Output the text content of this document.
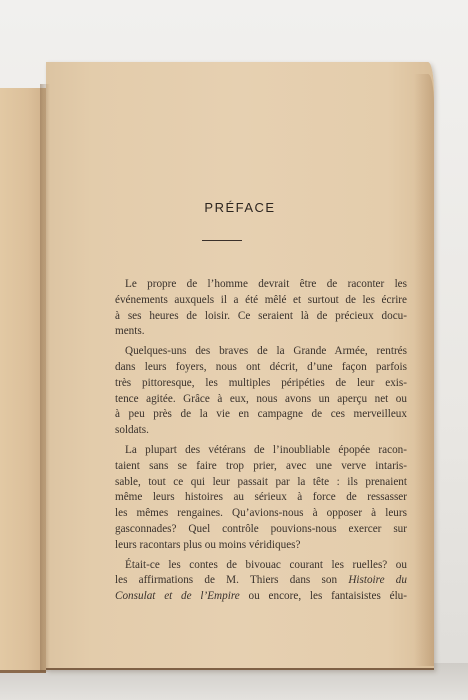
PRÉFACE

Le propre de l’homme devrait être de raconter les
événements auxquels il a été mêlé et surtout de les écrire
à ses heures de loisir. Ce seraient là de précieux docu-
ments.

Quelques-uns des braves de la Grande Armée, rentrés
dans leurs foyers, nous ont décrit, d’une façon parfois
très pittoresque, les multiples péripéties de leur exis-
tence agitée. Grâce à eux, nous avons un aperçu net ou
à peu près de la vie en campagne de ces merveilleux
soldats.

La plupart des vétérans de l’inoubliable épopée racon-
taient sans se faire trop prier, avec une verve intaris-
sable, tout ce qui leur passait par la tête : ils prenaient
même leurs histoires au sérieux à force de ressasser
les mêmes rengaines. Qu’avions-nous à opposer à leurs
gasconnades? Quel contrôle pouvions-nous exercer sur
leurs racontars plus ou moins véridiques?

Était-ce les contes de bivouac courant les ruelles? ou
les affirmations de M. Thiers dans son Histoire du
Consulat et de l’Empire ou encore, les fantaisistes élu-
